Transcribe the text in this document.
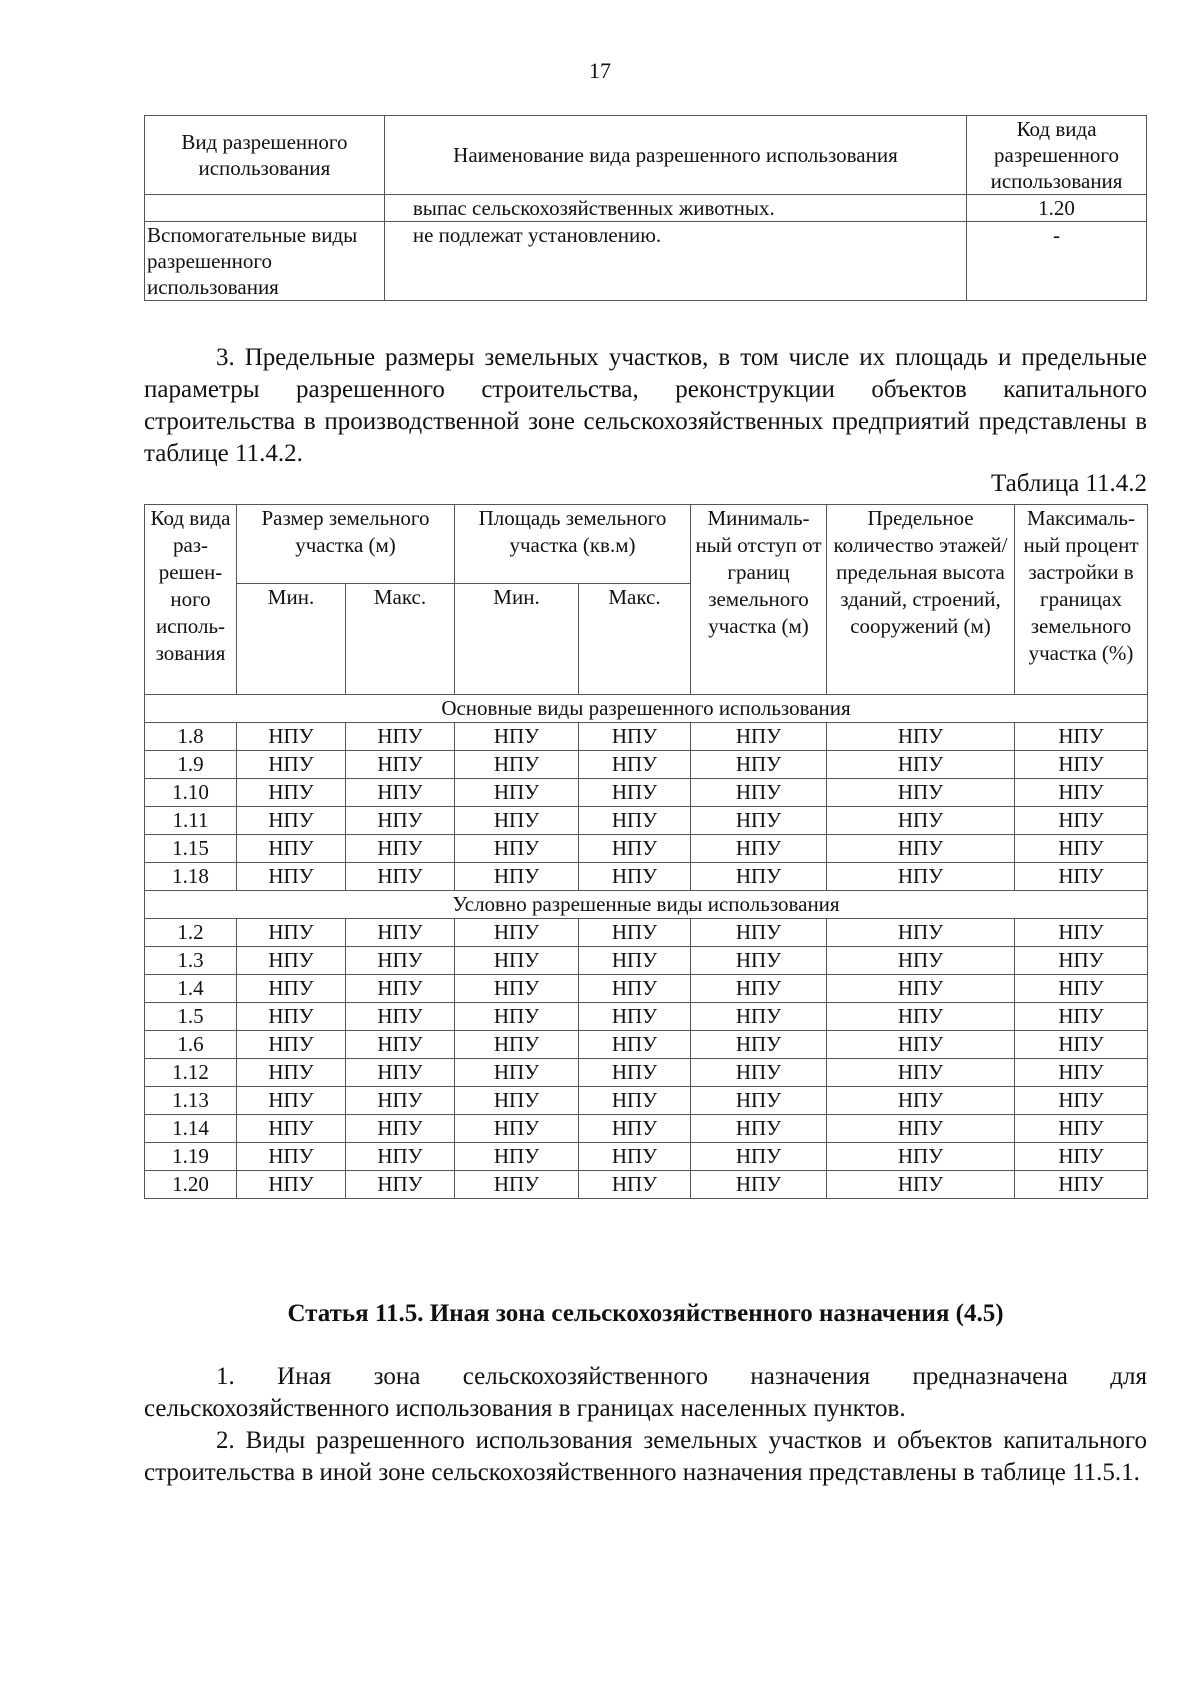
17
Вид разрешенного использования	Наименование вида разрешенного использования	Код вида разрешенного использования
	выпас сельскохозяйственных животных.	1.20
Вспомогательные виды разрешенного использования	не подлежат установлению.	-

3. Предельные размеры земельных участков, в том числе их площадь и предельные параметры разрешенного строительства, реконструкции объектов капитального строительства в производственной зоне сельскохозяйственных предприятий представлены в таблице 11.4.2.

Таблица 11.4.2
Код вида раз-решен-ного исполь-зования	Размер земельного участка (м)		Площадь земельного участка (кв.м)		Минималь-ный отступ от границ земельного участка (м)	Предельное количество этажей/ предельная высота зданий, строений, сооружений (м)	Максималь-ный процент застройки в границах земельного участка (%)
	Мин.	Макс.	Мин.	Макс.			
Основные виды разрешенного использования							
1.8	НПУ	НПУ	НПУ	НПУ	НПУ	НПУ	НПУ
1.9	НПУ	НПУ	НПУ	НПУ	НПУ	НПУ	НПУ
1.10	НПУ	НПУ	НПУ	НПУ	НПУ	НПУ	НПУ
1.11	НПУ	НПУ	НПУ	НПУ	НПУ	НПУ	НПУ
1.15	НПУ	НПУ	НПУ	НПУ	НПУ	НПУ	НПУ
1.18	НПУ	НПУ	НПУ	НПУ	НПУ	НПУ	НПУ
Условно разрешенные виды использования							
1.2	НПУ	НПУ	НПУ	НПУ	НПУ	НПУ	НПУ
1.3	НПУ	НПУ	НПУ	НПУ	НПУ	НПУ	НПУ
1.4	НПУ	НПУ	НПУ	НПУ	НПУ	НПУ	НПУ
1.5	НПУ	НПУ	НПУ	НПУ	НПУ	НПУ	НПУ
1.6	НПУ	НПУ	НПУ	НПУ	НПУ	НПУ	НПУ
1.12	НПУ	НПУ	НПУ	НПУ	НПУ	НПУ	НПУ
1.13	НПУ	НПУ	НПУ	НПУ	НПУ	НПУ	НПУ
1.14	НПУ	НПУ	НПУ	НПУ	НПУ	НПУ	НПУ
1.19	НПУ	НПУ	НПУ	НПУ	НПУ	НПУ	НПУ
1.20	НПУ	НПУ	НПУ	НПУ	НПУ	НПУ	НПУ
Статья 11.5. Иная зона сельскохозяйственного назначения (4.5)

1. Иная зона сельскохозяйственного назначения предназначена для сельскохозяйственного использования в границах населенных пунктов.

2. Виды разрешенного использования земельных участков и объектов капитального строительства в иной зоне сельскохозяйственного назначения представлены в таблице 11.5.1.
